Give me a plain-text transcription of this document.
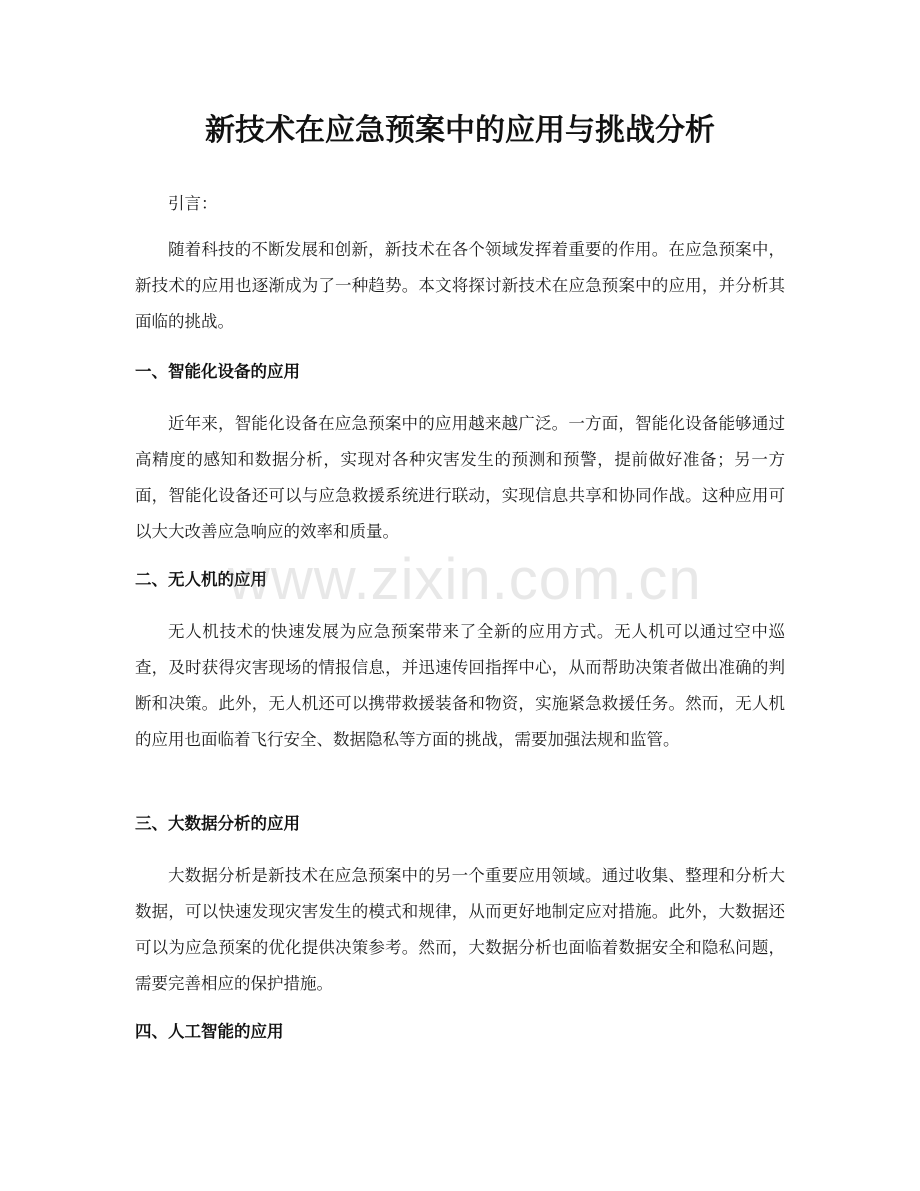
新技术在应急预案中的应用与挑战分析

引言：

随着科技的不断发展和创新，新技术在各个领域发挥着重要的作用。在应急预案中，新技术的应用也逐渐成为了一种趋势。本文将探讨新技术在应急预案中的应用，并分析其面临的挑战。

一、智能化设备的应用

近年来，智能化设备在应急预案中的应用越来越广泛。一方面，智能化设备能够通过高精度的感知和数据分析，实现对各种灾害发生的预测和预警，提前做好准备；另一方面，智能化设备还可以与应急救援系统进行联动，实现信息共享和协同作战。这种应用可以大大改善应急响应的效率和质量。

二、无人机的应用

无人机技术的快速发展为应急预案带来了全新的应用方式。无人机可以通过空中巡查，及时获得灾害现场的情报信息，并迅速传回指挥中心，从而帮助决策者做出准确的判断和决策。此外，无人机还可以携带救援装备和物资，实施紧急救援任务。然而，无人机的应用也面临着飞行安全、数据隐私等方面的挑战，需要加强法规和监管。

三、大数据分析的应用

大数据分析是新技术在应急预案中的另一个重要应用领域。通过收集、整理和分析大数据，可以快速发现灾害发生的模式和规律，从而更好地制定应对措施。此外，大数据还可以为应急预案的优化提供决策参考。然而，大数据分析也面临着数据安全和隐私问题，需要完善相应的保护措施。

四、人工智能的应用
www.zixin.com.cn
